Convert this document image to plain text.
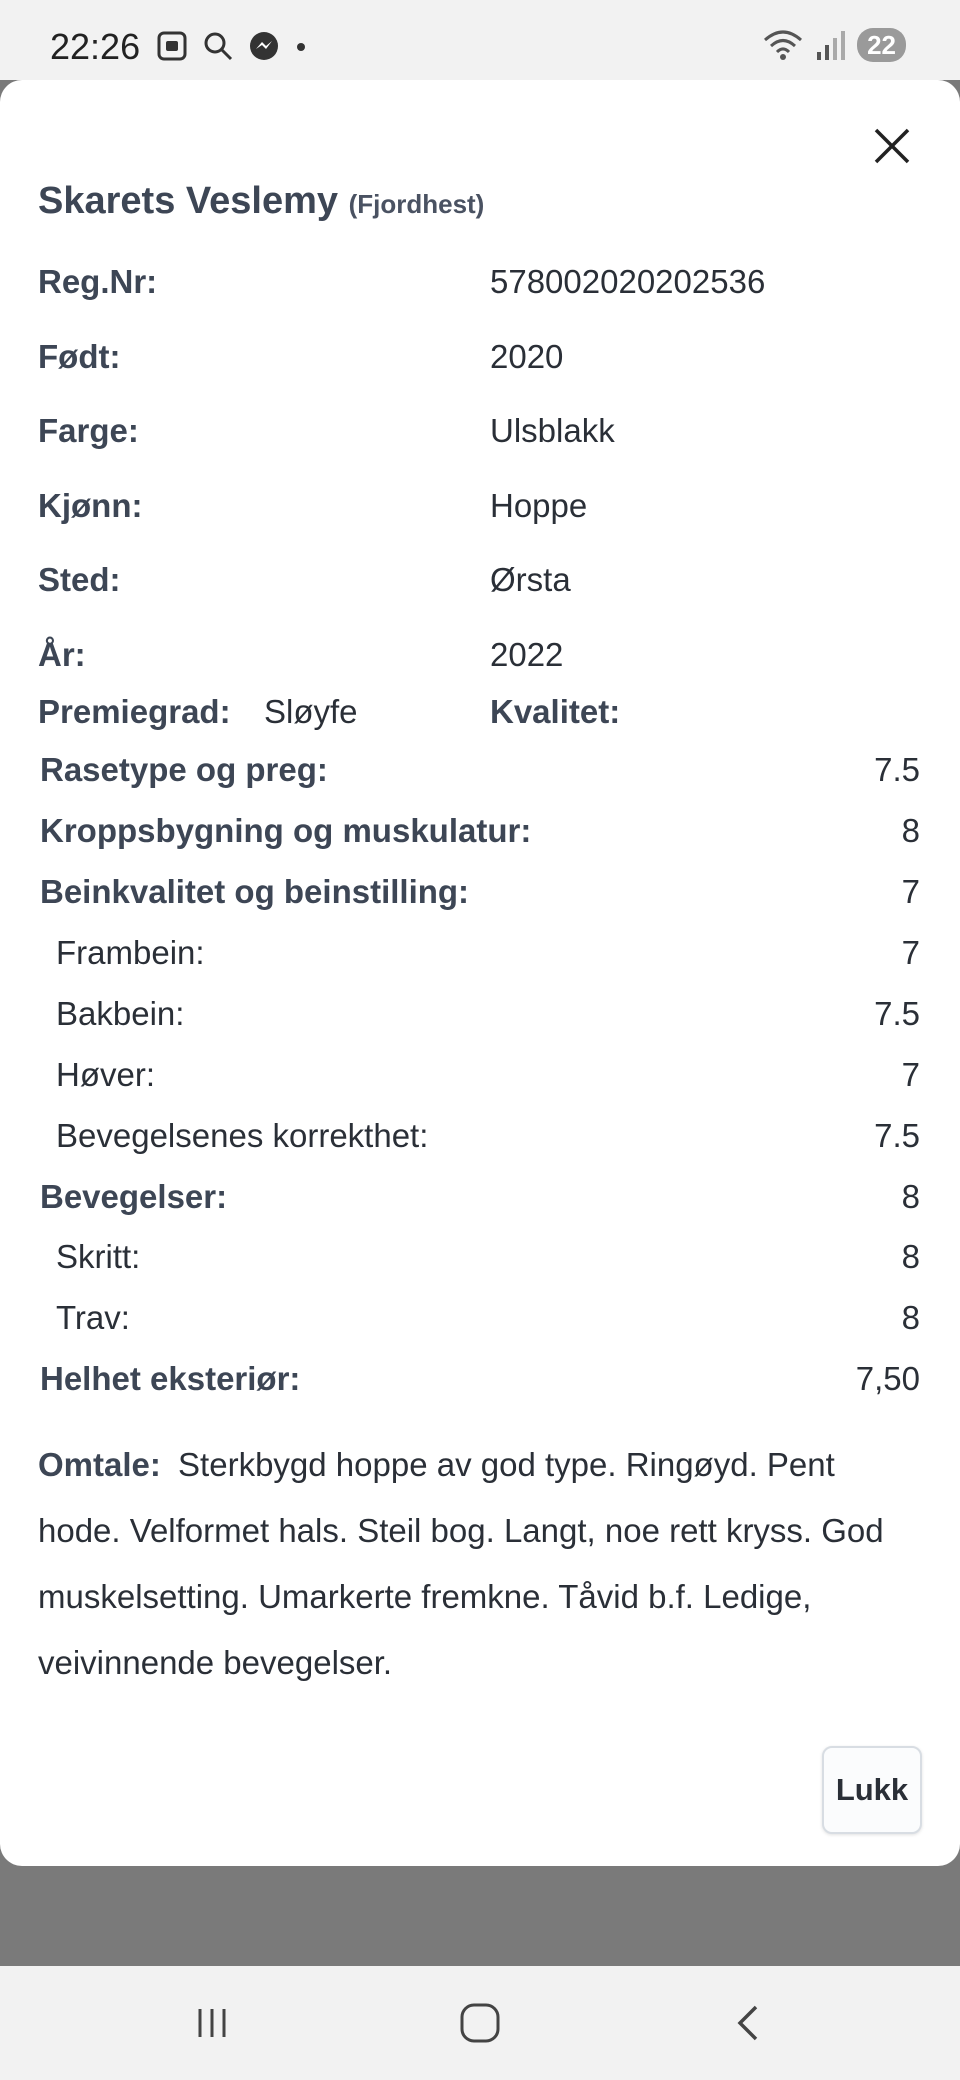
22:26	22
Skarets Veslemy (Fjordhest)
Reg.Nr:	578002020202536
Født:	2020
Farge:	Ulsblakk
Kjønn:	Hoppe
Sted:	Ørsta
År:	2022
Premiegrad: Sløyfe	Kvalitet:
Rasetype og preg:	7.5
Kroppsbygning og muskulatur:	8
Beinkvalitet og beinstilling:	7
Frambein:	7
Bakbein:	7.5
Høver:	7
Bevegelsenes korrekthet:	7.5
Bevegelser:	8
Skritt:	8
Trav:	8
Helhet eksteriør:	7,50
Omtale: Sterkbygd hoppe av god type. Ringøyd. Pent hode. Velformet hals. Steil bog. Langt, noe rett kryss. God muskelsetting. Umarkerte fremkne. Tåvid b.f. Ledige, veivinnende bevegelser.
Lukk
